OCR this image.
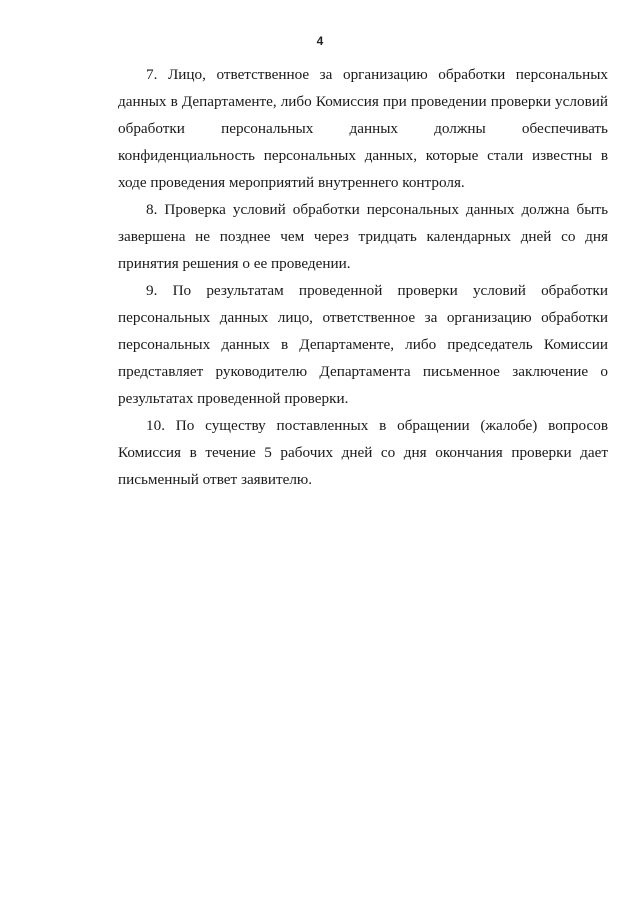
4

7. Лицо, ответственное за организацию обработки персональных данных в Департаменте, либо Комиссия при проведении проверки условий обработки персональных данных должны обеспечивать конфиденциальность персональных данных, которые стали известны в ходе проведения мероприятий внутреннего контроля.

8. Проверка условий обработки персональных данных должна быть завершена не позднее чем через тридцать календарных дней со дня принятия решения о ее проведении.

9. По результатам проведенной проверки условий обработки персональных данных лицо, ответственное за организацию обработки персональных данных в Департаменте, либо председатель Комиссии представляет руководителю Департамента письменное заключение о результатах проведенной проверки.

10. По существу поставленных в обращении (жалобе) вопросов Комиссия в течение 5 рабочих дней со дня окончания проверки дает письменный ответ заявителю.
